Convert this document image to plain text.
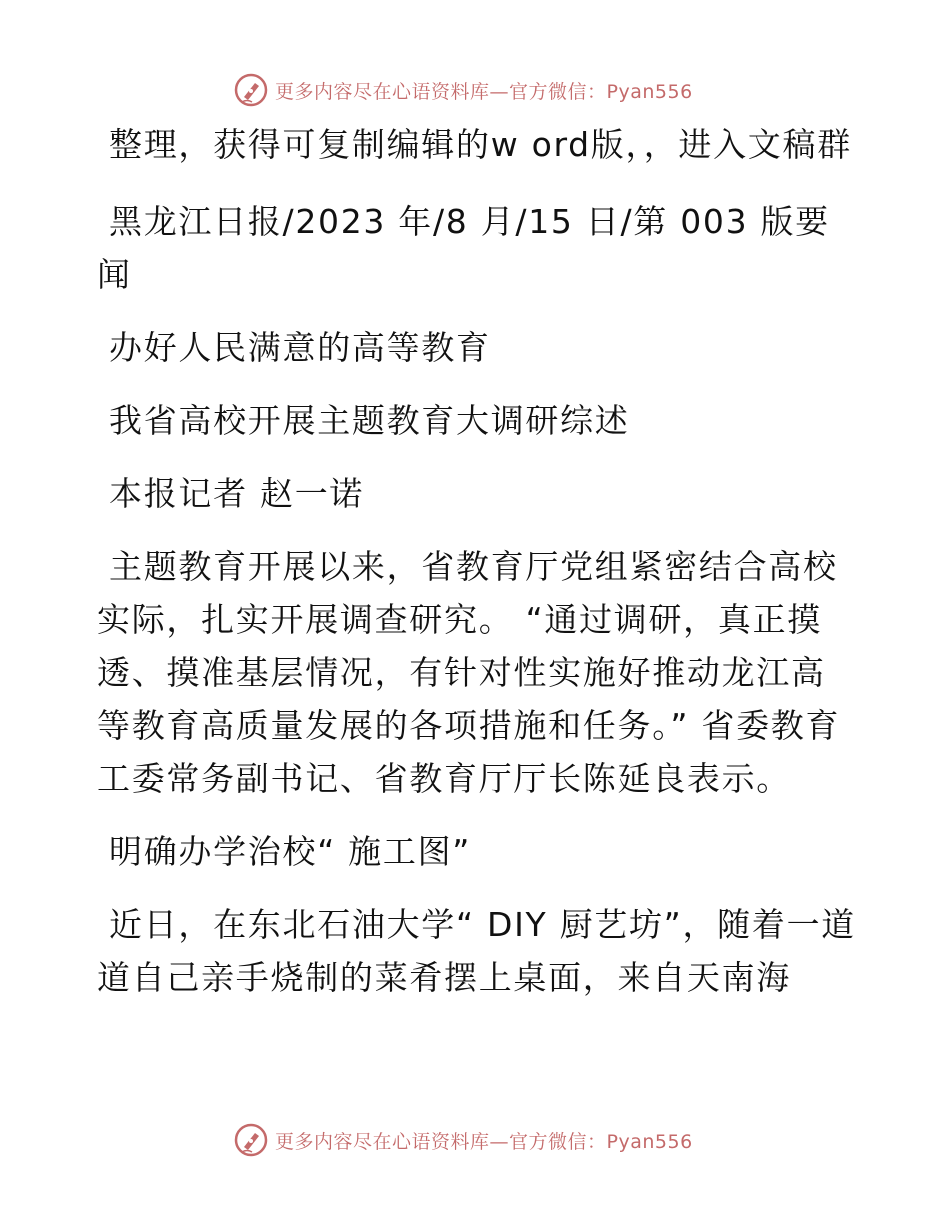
更多内容尽在心语资料库—官方微信：Pyan556

整理，获得可复制编辑的w ord版，，进入文稿群

黑龙江日报/2023 年/8 月/15 日/第 003 版要闻

办好人民满意的高等教育

我省高校开展主题教育大调研综述

本报记者 赵一诺

主题教育开展以来，省教育厅党组紧密结合高校实际，扎实开展调查研究。 “通过调研，真正摸透、摸准基层情况，有针对性实施好推动龙江高等教育高质量发展的各项措施和任务。” 省委教育工委常务副书记、省教育厅厅长陈延良表示。

明确办学治校“ 施工图”

近日，在东北石油大学“ DIY 厨艺坊”，随着一道道自己亲手烧制的菜肴摆上桌面，来自天南海

更多内容尽在心语资料库—官方微信：Pyan556
